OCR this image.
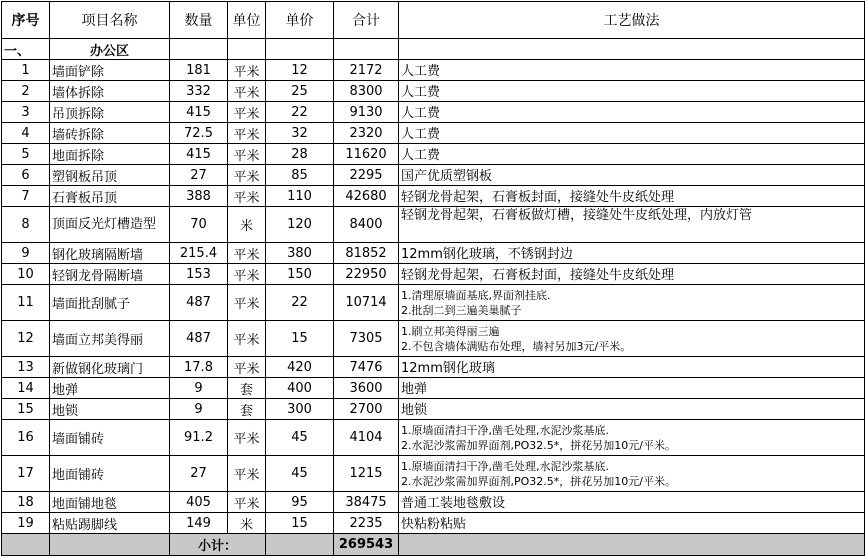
序号	项目名称	数量	单位	单价	合计	工艺做法
一、	办公区					
1	墙面铲除	181	平米	12	2172	人工费
2	墙体拆除	332	平米	25	8300	人工费
3	吊顶拆除	415	平米	22	9130	人工费
4	墙砖拆除	72.5	平米	32	2320	人工费
5	地面拆除	415	平米	28	11620	人工费
6	塑钢板吊顶	27	平米	85	2295	国产优质塑钢板
7	石膏板吊顶	388	平米	110	42680	轻钢龙骨起架，石膏板封面，接缝处牛皮纸处理
8	顶面反光灯槽造型	70	米	120	8400	轻钢龙骨起架，石膏板做灯槽，接缝处牛皮纸处理，内放灯管
9	钢化玻璃隔断墙	215.4	平米	380	81852	12mm钢化玻璃，不锈钢封边
10	轻钢龙骨隔断墙	153	平米	150	22950	轻钢龙骨起架，石膏板封面，接缝处牛皮纸处理
11	墙面批刮腻子	487	平米	22	10714	1.清理原墙面基底,界面剂挂底.
2.批刮二到三遍美巢腻子

12	墙面立邦美得丽	487	平米	15	7305	1.刷立邦美得丽三遍
2.不包含墙体满贴布处理，墙衬另加3元/平米。

13	新做钢化玻璃门	17.8	平米	420	7476	12mm钢化玻璃
14	地弹	9	套	400	3600	地弹
15	地锁	9	套	300	2700	地锁
16	墙面铺砖	91.2	平米	45	4104	1.原墙面清扫干净,凿毛处理,水泥沙浆基底.
2.水泥沙浆需加界面剂,PO32.5*，拼花另加10元/平米。

17	地面铺砖	27	平米	45	1215	1.原墙面清扫干净,凿毛处理,水泥沙浆基底.
2.水泥沙浆需加界面剂,PO32.5*，拼花另加10元/平米。

18	地面铺地毯	405	平米	95	38475	普通工装地毯敷设
19	粘贴踢脚线	149	米	15	2235	快粘粉粘贴
		小计：			269543	
